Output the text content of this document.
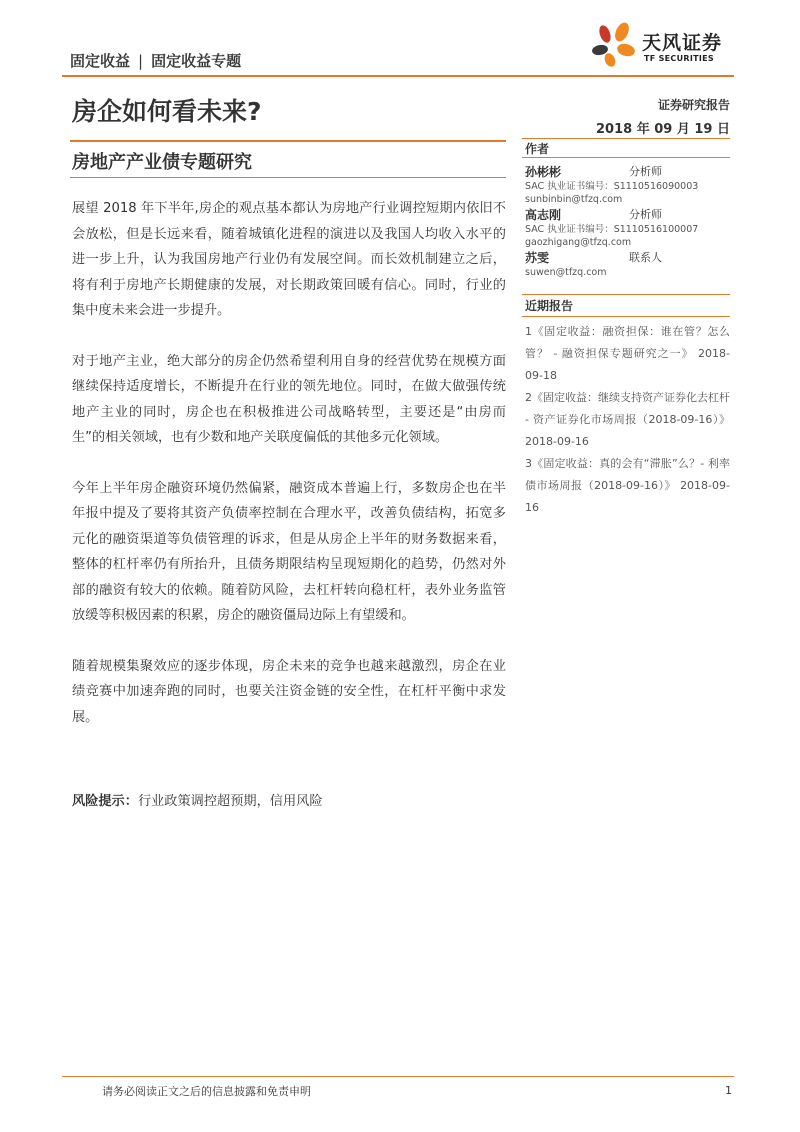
固定收益 | 固定收益专题
天风证券
TF SECURITIES
房企如何看未来?
房地产产业债专题研究
证券研究报告
2018 年 09 月 19 日
作者
孙彬彬	分析师
SAC 执业证书编号：S1110516090003
sunbinbin@tfzq.com
高志刚	分析师
SAC 执业证书编号：S1110516100007
gaozhigang@tfzq.com
苏雯	联系人
suwen@tfzq.com
近期报告
1《固定收益：融资担保：谁在管？怎么管？ - 融资担保专题研究之一》 2018-09-18
2《固定收益：继续支持资产证券化去杠杆 - 资产证券化市场周报（2018-09-16）》 2018-09-16
3《固定收益：真的会有“滞胀”么？- 利率债市场周报（2018-09-16）》 2018-09-16

展望 2018 年下半年,房企的观点基本都认为房地产行业调控短期内依旧不会放松，但是长远来看，随着城镇化进程的演进以及我国人均收入水平的进一步上升，认为我国房地产行业仍有发展空间。而长效机制建立之后，将有利于房地产长期健康的发展，对长期政策回暖有信心。同时，行业的集中度未来会进一步提升。

对于地产主业，绝大部分的房企仍然希望利用自身的经营优势在规模方面继续保持适度增长，不断提升在行业的领先地位。同时，在做大做强传统地产主业的同时，房企也在积极推进公司战略转型，主要还是“由房而生”的相关领域，也有少数和地产关联度偏低的其他多元化领域。

今年上半年房企融资环境仍然偏紧，融资成本普遍上行，多数房企也在半年报中提及了要将其资产负债率控制在合理水平，改善负债结构，拓宽多元化的融资渠道等负债管理的诉求，但是从房企上半年的财务数据来看，整体的杠杆率仍有所抬升，且债务期限结构呈现短期化的趋势，仍然对外部的融资有较大的依赖。随着防风险，去杠杆转向稳杠杆，表外业务监管放缓等积极因素的积累，房企的融资僵局边际上有望缓和。

随着规模集聚效应的逐步体现，房企未来的竞争也越来越激烈，房企在业绩竞赛中加速奔跑的同时，也要关注资金链的安全性，在杠杆平衡中求发展。

风险提示：行业政策调控超预期，信用风险
请务必阅读正文之后的信息披露和免责申明	1
